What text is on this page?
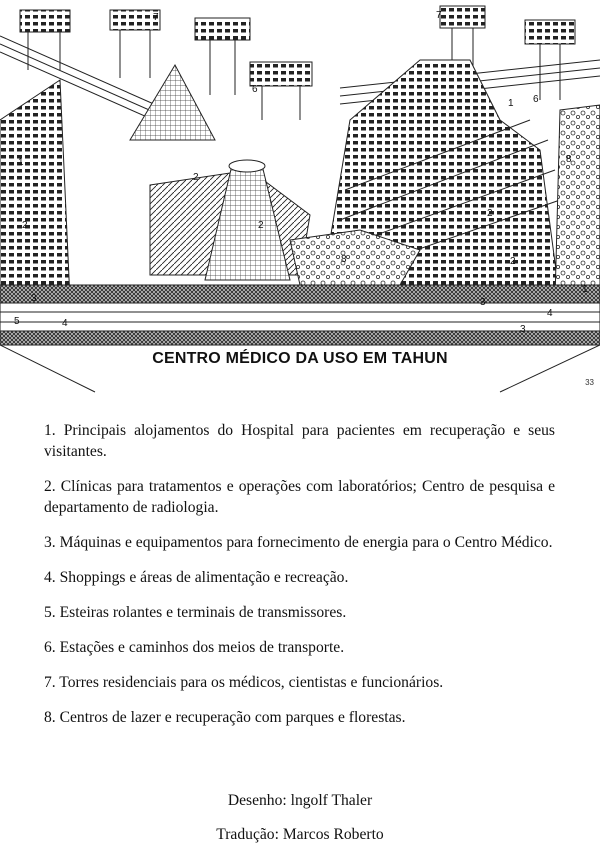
7	7
6
6
1
1
2
2
2
2
8
8
3	3
5
4
4
1
2
3
CENTRO MÉDICO DA USO EM TAHUN
33

1. Principais alojamentos do Hospital para pacientes em recuperação e seus visitantes.

2. Clínicas para tratamentos e operações com laboratórios; Centro de pesquisa e departamento de radiologia.

3. Máquinas e equipamentos para fornecimento de energia para o Centro Médico.

4. Shoppings e áreas de alimentação e recreação.

5. Esteiras rolantes e terminais de transmissores.

6. Estações e caminhos dos meios de transporte.

7. Torres residenciais para os médicos, cientistas e funcionários.

8. Centros de lazer e recuperação com parques e florestas.

Desenho: lngolf Thaler
Tradução: Marcos Roberto
